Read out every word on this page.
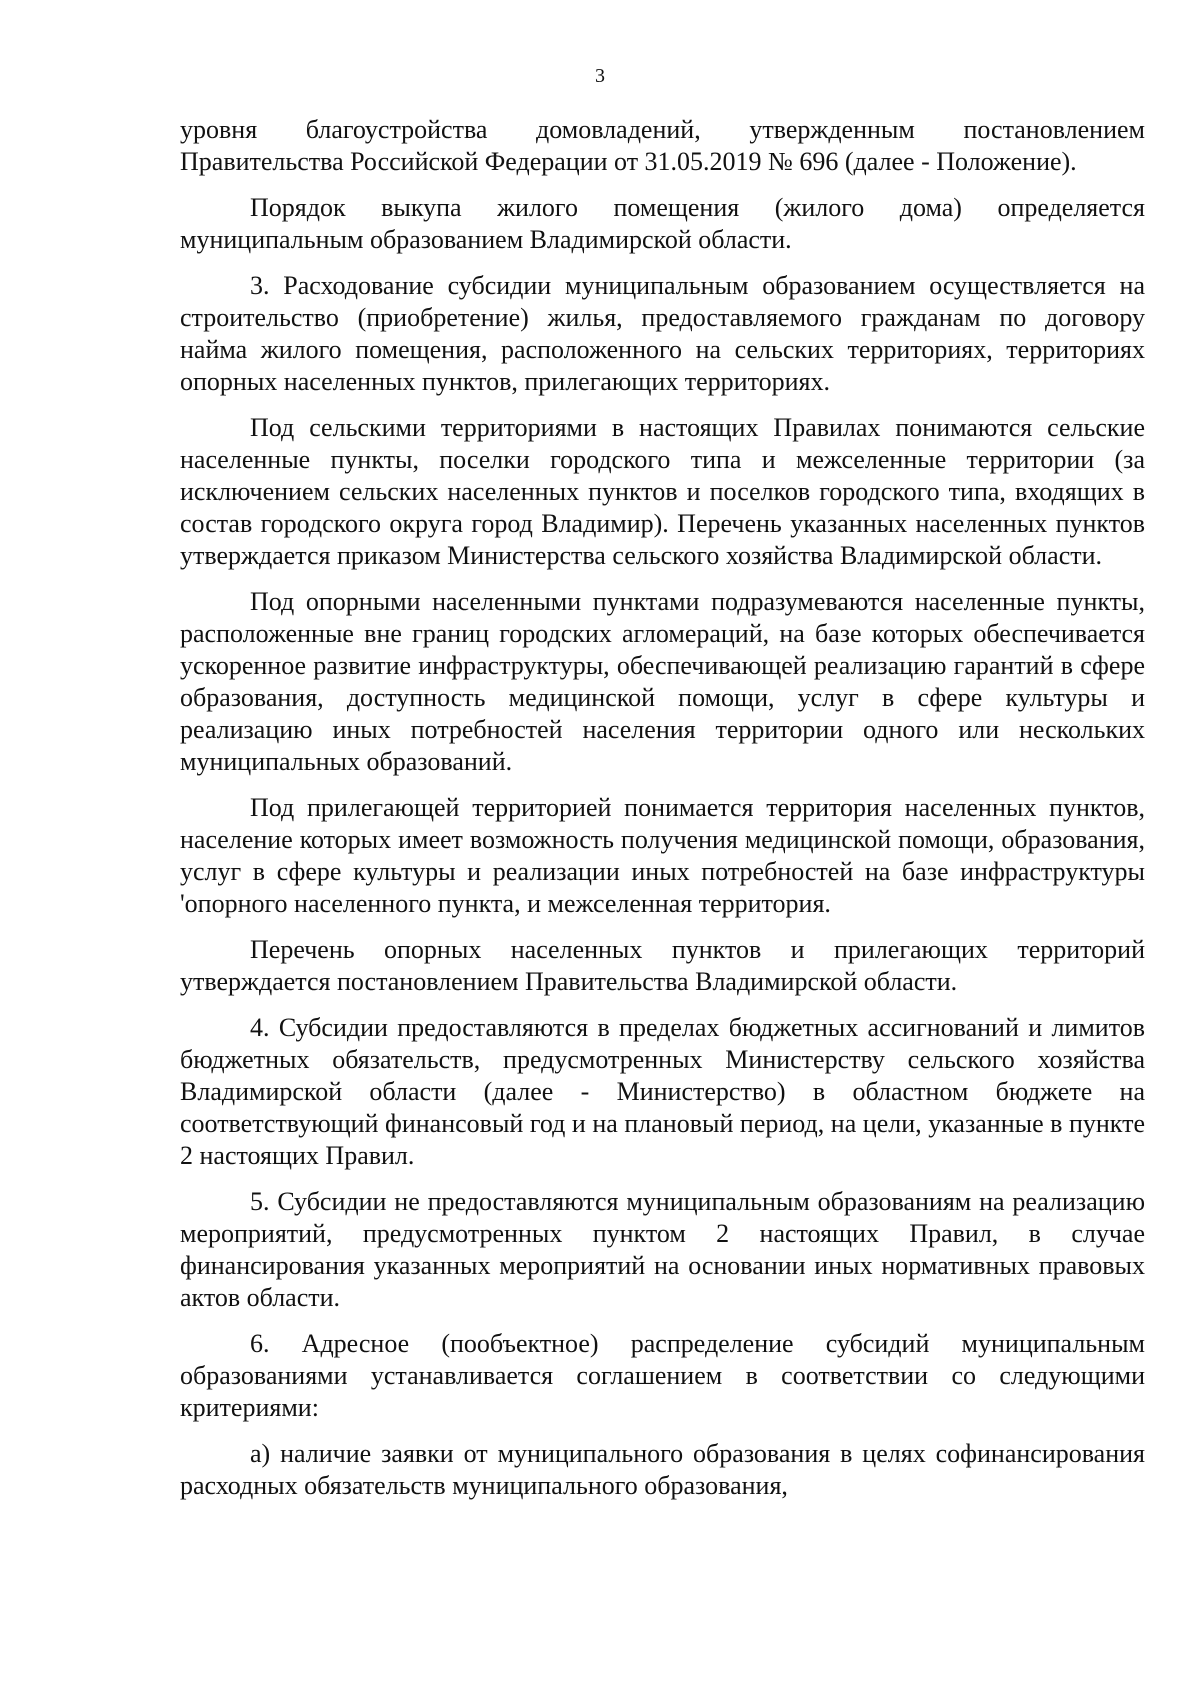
3

уровня благоустройства домовладений, утвержденным постановлением Правительства Российской Федерации от 31.05.2019 № 696 (далее - Положение).

Порядок выкупа жилого помещения (жилого дома) определяется муниципальным образованием Владимирской области.

3. Расходование субсидии муниципальным образованием осуществляется на строительство (приобретение) жилья, предоставляемого гражданам по договору найма жилого помещения, расположенного на сельских территориях, территориях опорных населенных пунктов, прилегающих территориях.

Под сельскими территориями в настоящих Правилах понимаются сельские населенные пункты, поселки городского типа и межселенные территории (за исключением сельских населенных пунктов и поселков городского типа, входящих в состав городского округа город Владимир). Перечень указанных населенных пунктов утверждается приказом Министерства сельского хозяйства Владимирской области.

Под опорными населенными пунктами подразумеваются населенные пункты, расположенные вне границ городских агломераций, на базе которых обеспечивается ускоренное развитие инфраструктуры, обеспечивающей реализацию гарантий в сфере образования, доступность медицинской помощи, услуг в сфере культуры и реализацию иных потребностей населения территории одного или нескольких муниципальных образований.

Под прилегающей территорией понимается территория населенных пунктов, население которых имеет возможность получения медицинской помощи, образования, услуг в сфере культуры и реализации иных потребностей на базе инфраструктуры 'опорного населенного пункта, и межселенная территория.

Перечень опорных населенных пунктов и прилегающих территорий утверждается постановлением Правительства Владимирской области.

4. Субсидии предоставляются в пределах бюджетных ассигнований и лимитов бюджетных обязательств, предусмотренных Министерству сельского хозяйства Владимирской области (далее - Министерство) в областном бюджете на соответствующий финансовый год и на плановый период, на цели, указанные в пункте 2 настоящих Правил.

5. Субсидии не предоставляются муниципальным образованиям на реализацию мероприятий, предусмотренных пунктом 2 настоящих Правил, в случае финансирования указанных мероприятий на основании иных нормативных правовых актов области.

6. Адресное (пообъектное) распределение субсидий муниципальным образованиями устанавливается соглашением в соответствии со следующими критериями:

а) наличие заявки от муниципального образования в целях софинансирования расходных обязательств муниципального образования,
